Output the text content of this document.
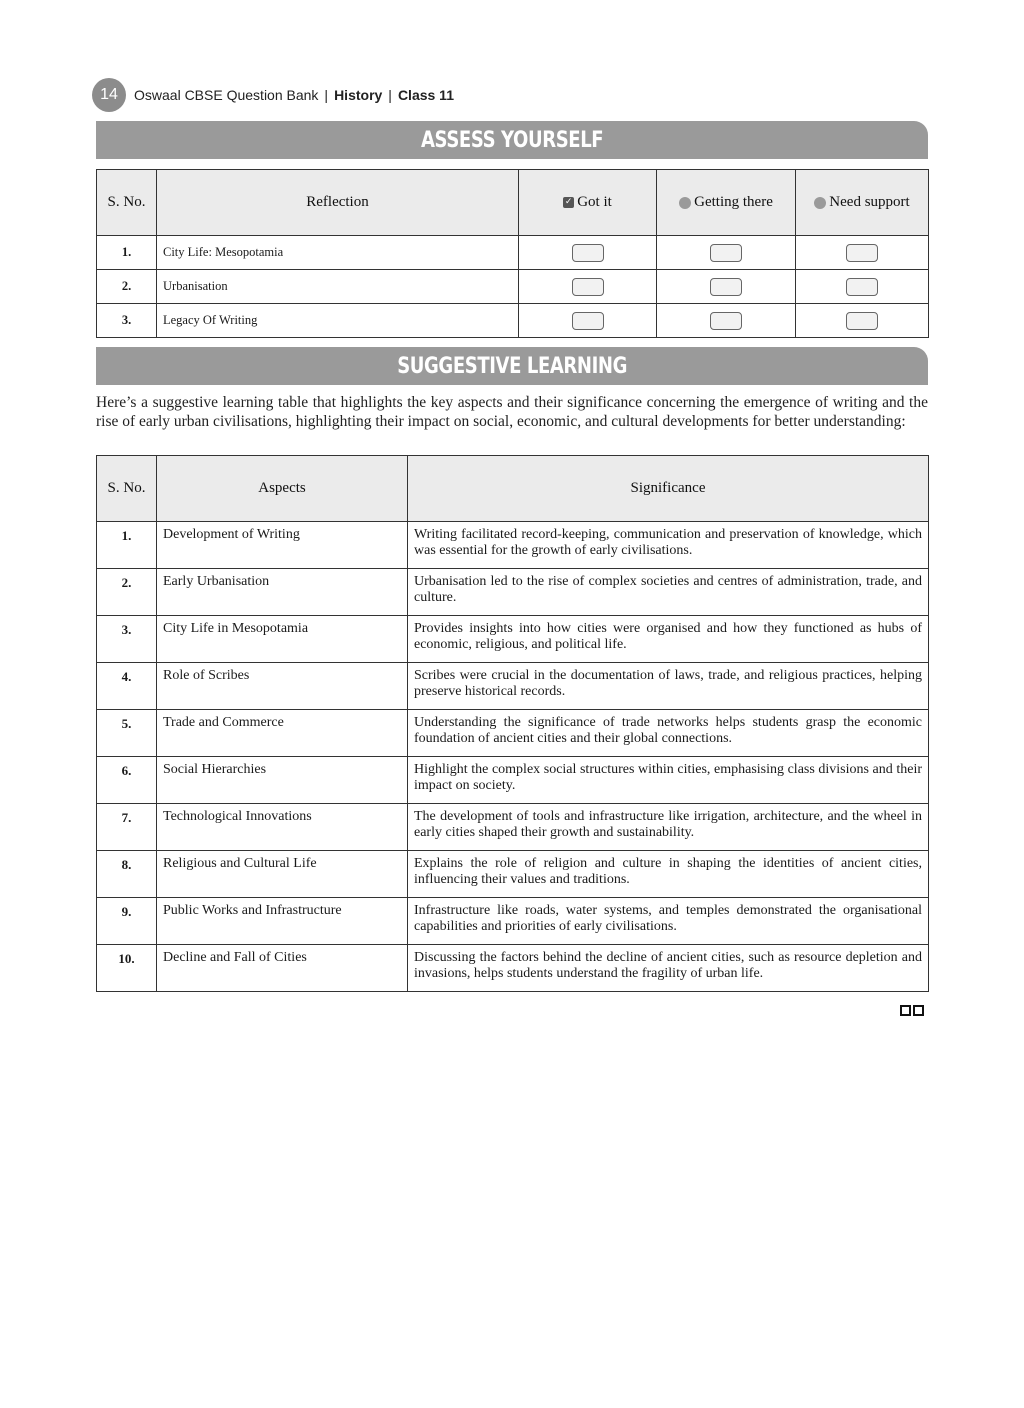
14	Oswaal CBSE Question Bank | History | Class 11
ASSESS YOURSELF
S. No.	Reflection	✓ Got it	Getting there	Need support
1.	City Life: Mesopotamia			
2.	Urbanisation			
3.	Legacy Of Writing			
SUGGESTIVE LEARNING

Here’s a suggestive learning table that highlights the key aspects and their significance concerning the emergence of writing and the rise of early urban civilisations, highlighting their impact on social, economic, and cultural developments for better understanding:

S. No.	Aspects	Significance
1.	Development of Writing	Writing facilitated record-keeping, communication and preservation of knowledge, which was essential for the growth of early civilisations.
2.	Early Urbanisation	Urbanisation led to the rise of complex societies and centres of administration, trade, and culture.
3.	City Life in Mesopotamia	Provides insights into how cities were organised and how they functioned as hubs of economic, religious, and political life.
4.	Role of Scribes	Scribes were crucial in the documentation of laws, trade, and religious practices, helping preserve historical records.
5.	Trade and Commerce	Understanding the significance of trade networks helps students grasp the economic foundation of ancient cities and their global connections.
6.	Social Hierarchies	Highlight the complex social structures within cities, emphasising class divisions and their impact on society.
7.	Technological Innovations	The development of tools and infrastructure like irrigation, architecture, and the wheel in early cities shaped their growth and sustainability.
8.	Religious and Cultural Life	Explains the role of religion and culture in shaping the identities of ancient cities, influencing their values and traditions.
9.	Public Works and Infrastructure	Infrastructure like roads, water systems, and temples demonstrated the organisational capabilities and priorities of early civilisations.
10.	Decline and Fall of Cities	Discussing the factors behind the decline of ancient cities, such as resource depletion and invasions, helps students understand the fragility of urban life.
